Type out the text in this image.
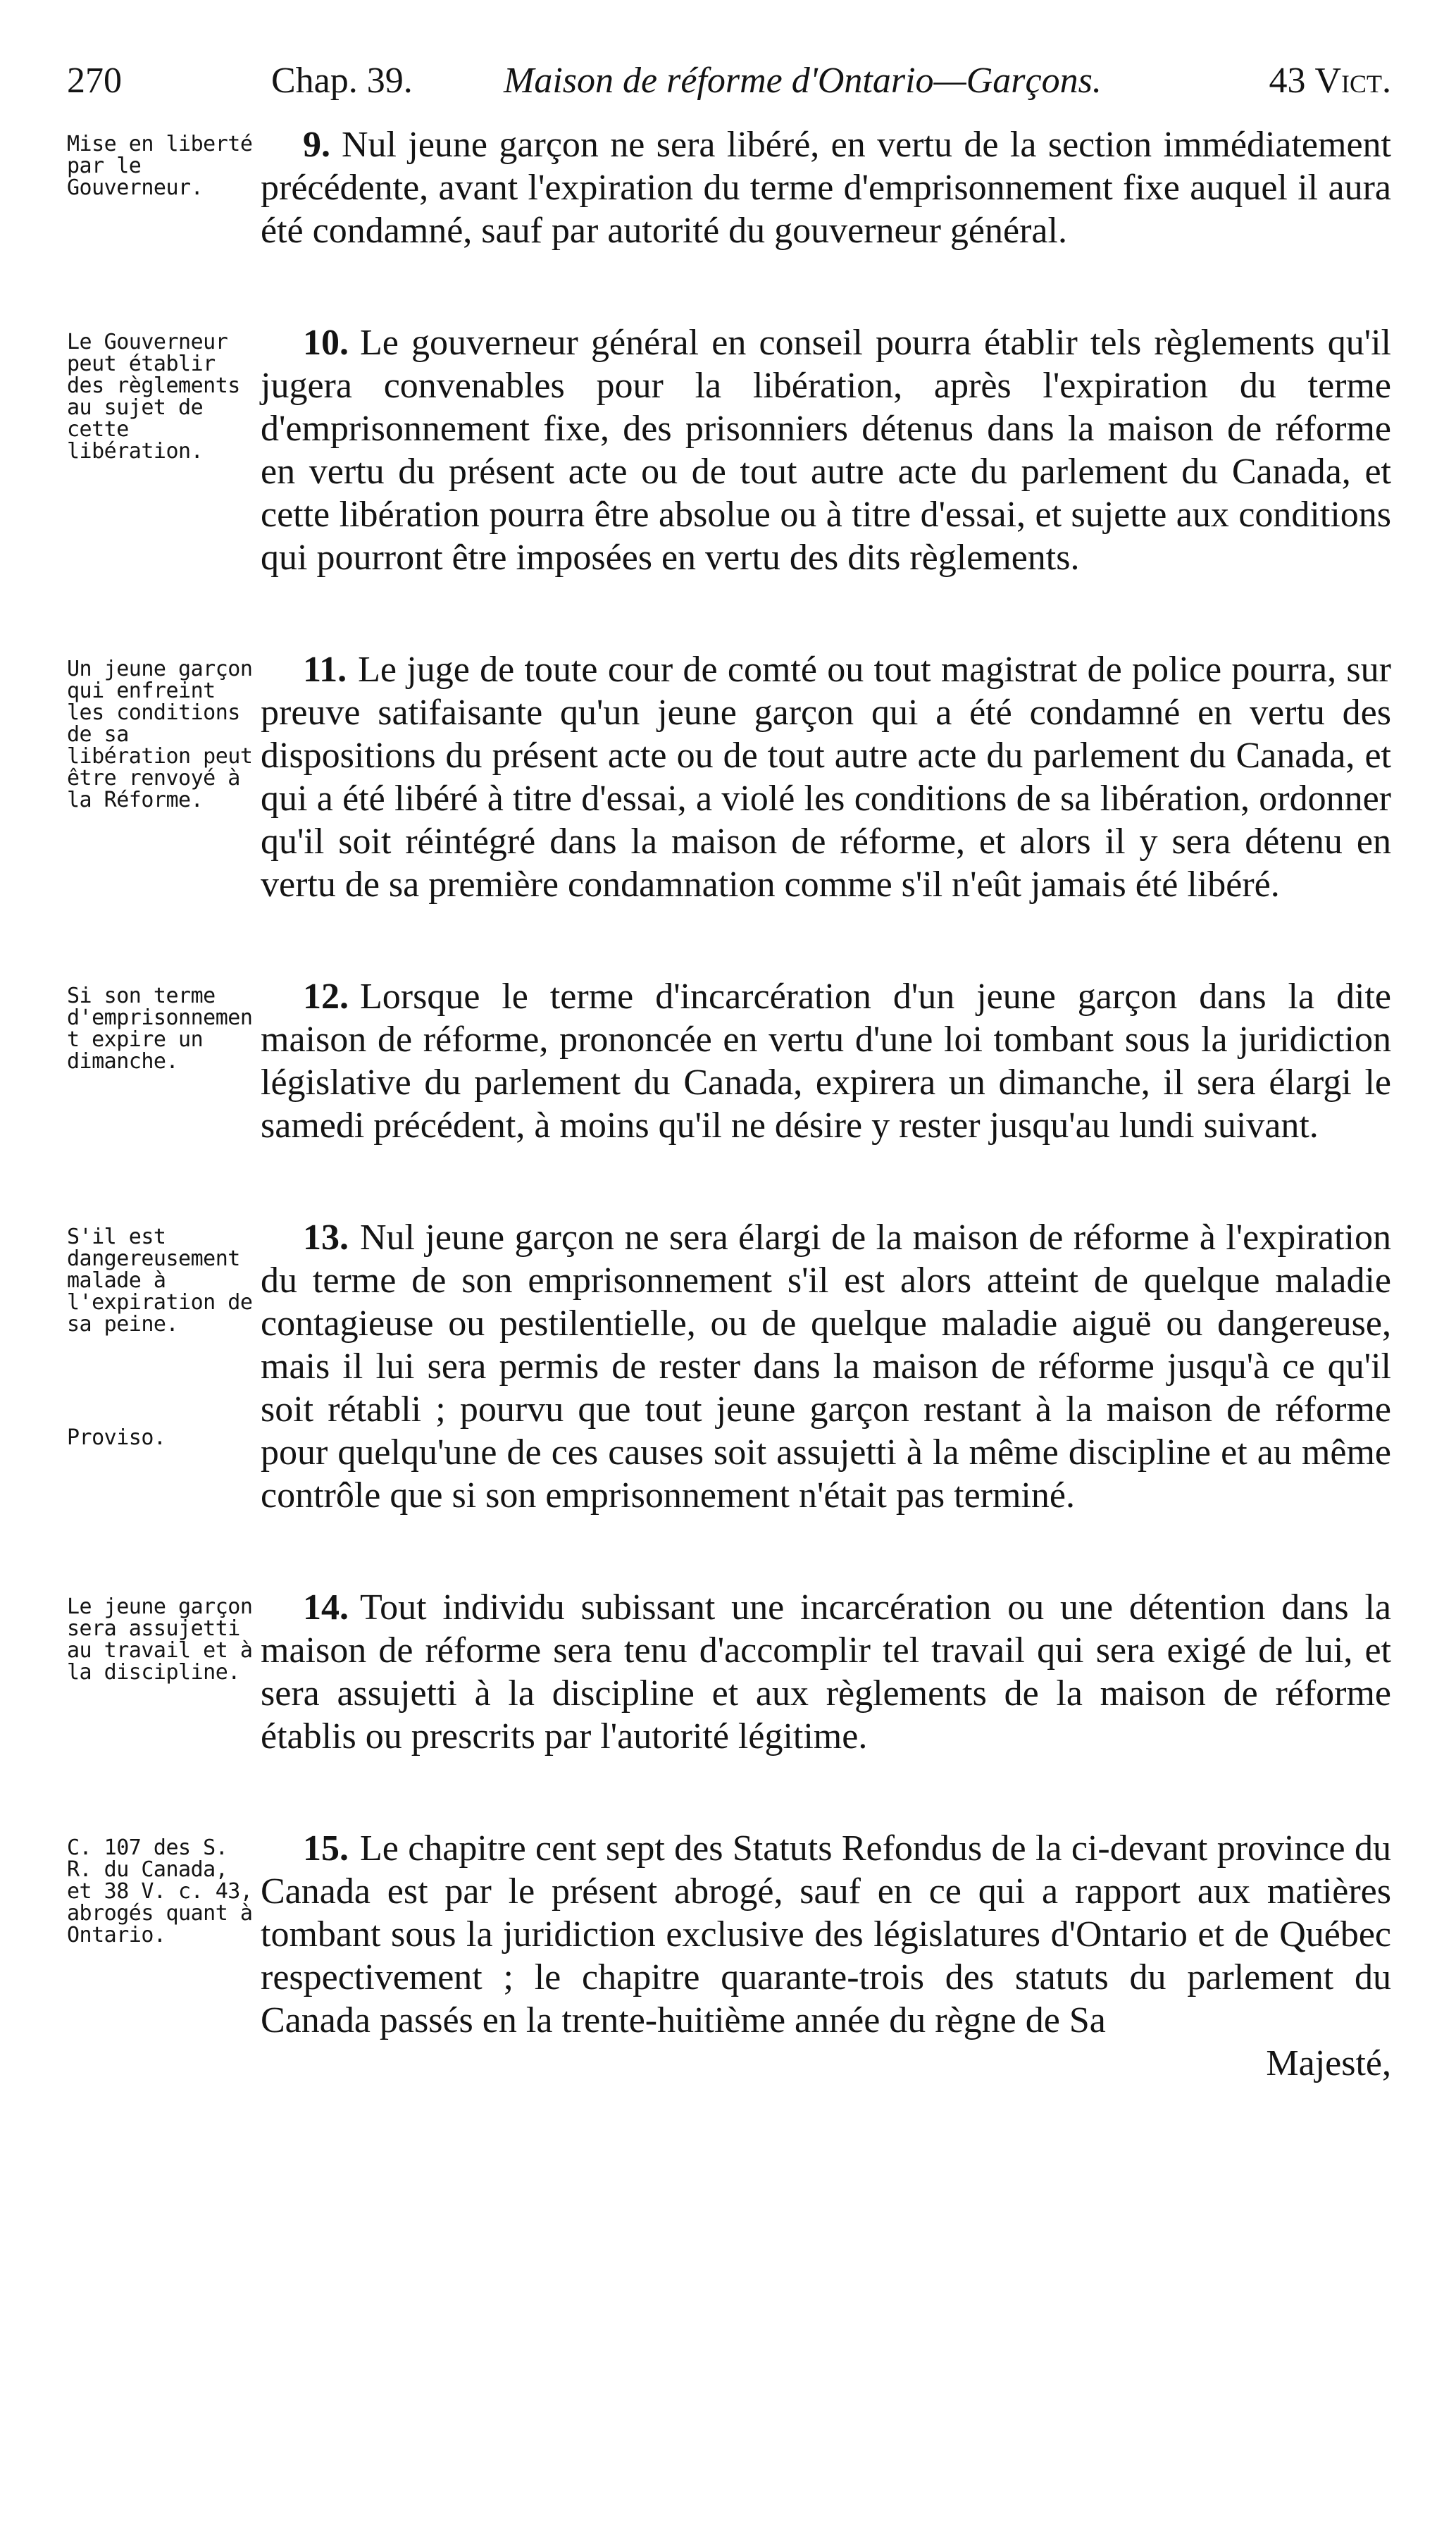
270	Chap. 39. Maison de réforme d'Ontario—Garçons.	43 Vict.
Mise en liberté par le Gouverneur.

9. Nul jeune garçon ne sera libéré, en vertu de la section immédiatement précédente, avant l'expiration du terme d'emprisonnement fixe auquel il aura été condamné, sauf par autorité du gouverneur général.

Le Gouverneur peut établir des règlements au sujet de cette libération.

10. Le gouverneur général en conseil pourra établir tels règlements qu'il jugera convenables pour la libération, après l'expiration du terme d'emprisonnement fixe, des prisonniers détenus dans la maison de réforme en vertu du présent acte ou de tout autre acte du parlement du Canada, et cette libération pourra être absolue ou à titre d'essai, et sujette aux conditions qui pourront être imposées en vertu des dits règlements.

Un jeune garçon qui enfreint les conditions de sa libération peut être renvoyé à la Réforme.

11. Le juge de toute cour de comté ou tout magistrat de police pourra, sur preuve satifaisante qu'un jeune garçon qui a été condamné en vertu des dispositions du présent acte ou de tout autre acte du parlement du Canada, et qui a été libéré à titre d'essai, a violé les conditions de sa libération, ordonner qu'il soit réintégré dans la maison de réforme, et alors il y sera détenu en vertu de sa première condamnation comme s'il n'eût jamais été libéré.

Si son terme d'emprisonnement expire un dimanche.

12. Lorsque le terme d'incarcération d'un jeune garçon dans la dite maison de réforme, prononcée en vertu d'une loi tombant sous la juridiction législative du parlement du Canada, expirera un dimanche, il sera élargi le samedi précédent, à moins qu'il ne désire y rester jusqu'au lundi suivant.

S'il est dangereusement malade à l'expiration de sa peine.
Proviso.

13. Nul jeune garçon ne sera élargi de la maison de réforme à l'expiration du terme de son emprisonnement s'il est alors atteint de quelque maladie contagieuse ou pestilentielle, ou de quelque maladie aiguë ou dangereuse, mais il lui sera permis de rester dans la maison de réforme jusqu'à ce qu'il soit rétabli ; pourvu que tout jeune garçon restant à la maison de réforme pour quelqu'une de ces causes soit assujetti à la même discipline et au même contrôle que si son emprisonnement n'était pas terminé.

Le jeune garçon sera assujetti au travail et à la discipline.

14. Tout individu subissant une incarcération ou une détention dans la maison de réforme sera tenu d'accomplir tel travail qui sera exigé de lui, et sera assujetti à la discipline et aux règlements de la maison de réforme établis ou prescrits par l'autorité légitime.

C. 107 des S. R. du Canada, et 38 V. c. 43, abrogés quant à Ontario.

15. Le chapitre cent sept des Statuts Refondus de la ci-devant province du Canada est par le présent abrogé, sauf en ce qui a rapport aux matières tombant sous la juridiction exclusive des législatures d'Ontario et de Québec respectivement ; le chapitre quarante-trois des statuts du parlement du Canada passés en la trente-huitième année du règne de Sa

Majesté,
